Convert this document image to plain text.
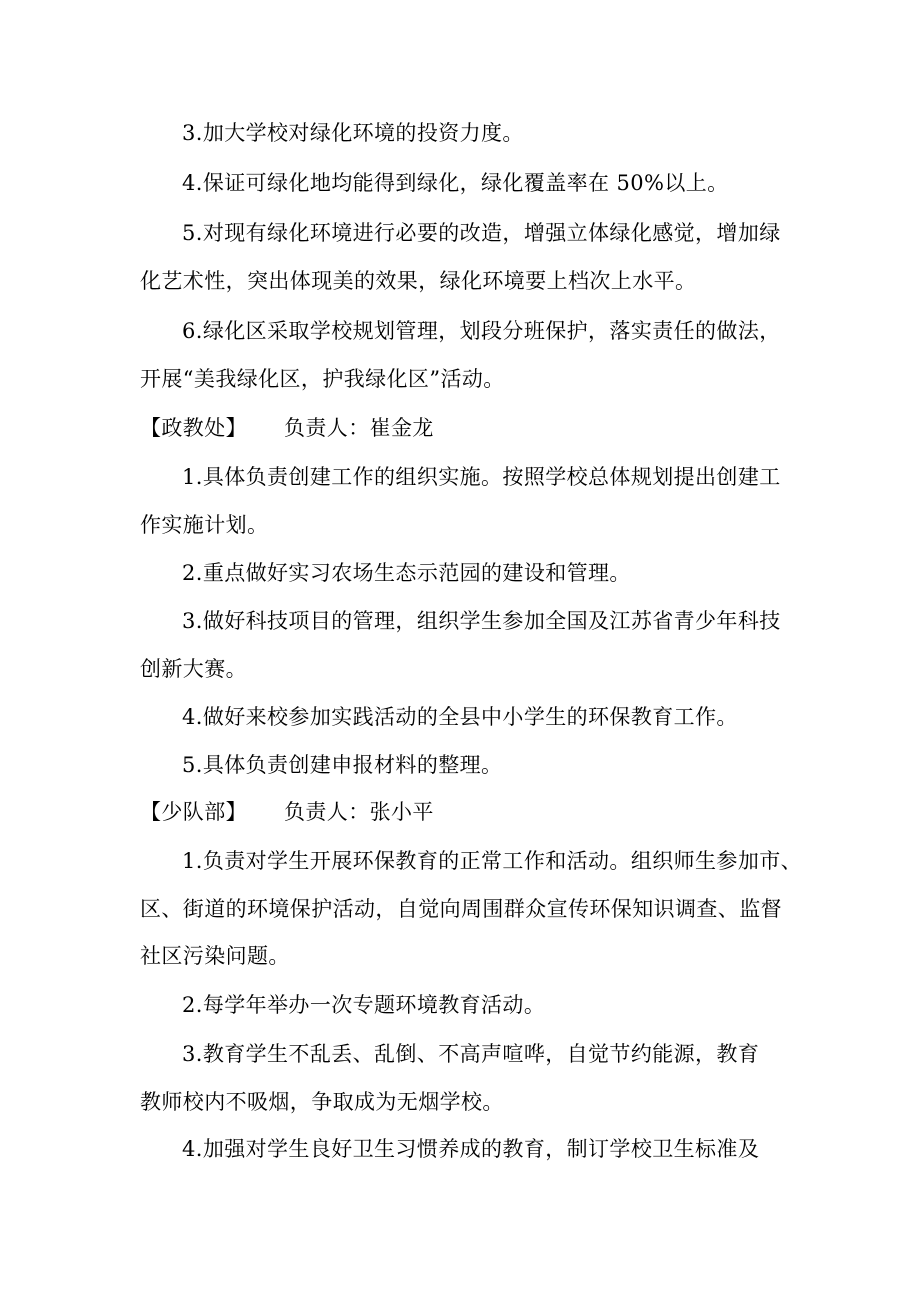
3.加大学校对绿化环境的投资力度。
4.保证可绿化地均能得到绿化，绿化覆盖率在 50%以上。
5.对现有绿化环境进行必要的改造，增强立体绿化感觉，增加绿
化艺术性，突出体现美的效果，绿化环境要上档次上水平。
6.绿化区采取学校规划管理，划段分班保护，落实责任的做法，
开展“美我绿化区，护我绿化区”活动。
【政教处】 负责人：崔金龙
1.具体负责创建工作的组织实施。按照学校总体规划提出创建工
作实施计划。
2.重点做好实习农场生态示范园的建设和管理。
3.做好科技项目的管理，组织学生参加全国及江苏省青少年科技
创新大赛。
4.做好来校参加实践活动的全县中小学生的环保教育工作。
5.具体负责创建申报材料的整理。
【少队部】 负责人：张小平
1.负责对学生开展环保教育的正常工作和活动。组织师生参加市、
区、街道的环境保护活动，自觉向周围群众宣传环保知识调查、监督
社区污染问题。
2.每学年举办一次专题环境教育活动。
3.教育学生不乱丢、乱倒、不高声喧哗，自觉节约能源，教育
教师校内不吸烟，争取成为无烟学校。
4.加强对学生良好卫生习惯养成的教育，制订学校卫生标准及
